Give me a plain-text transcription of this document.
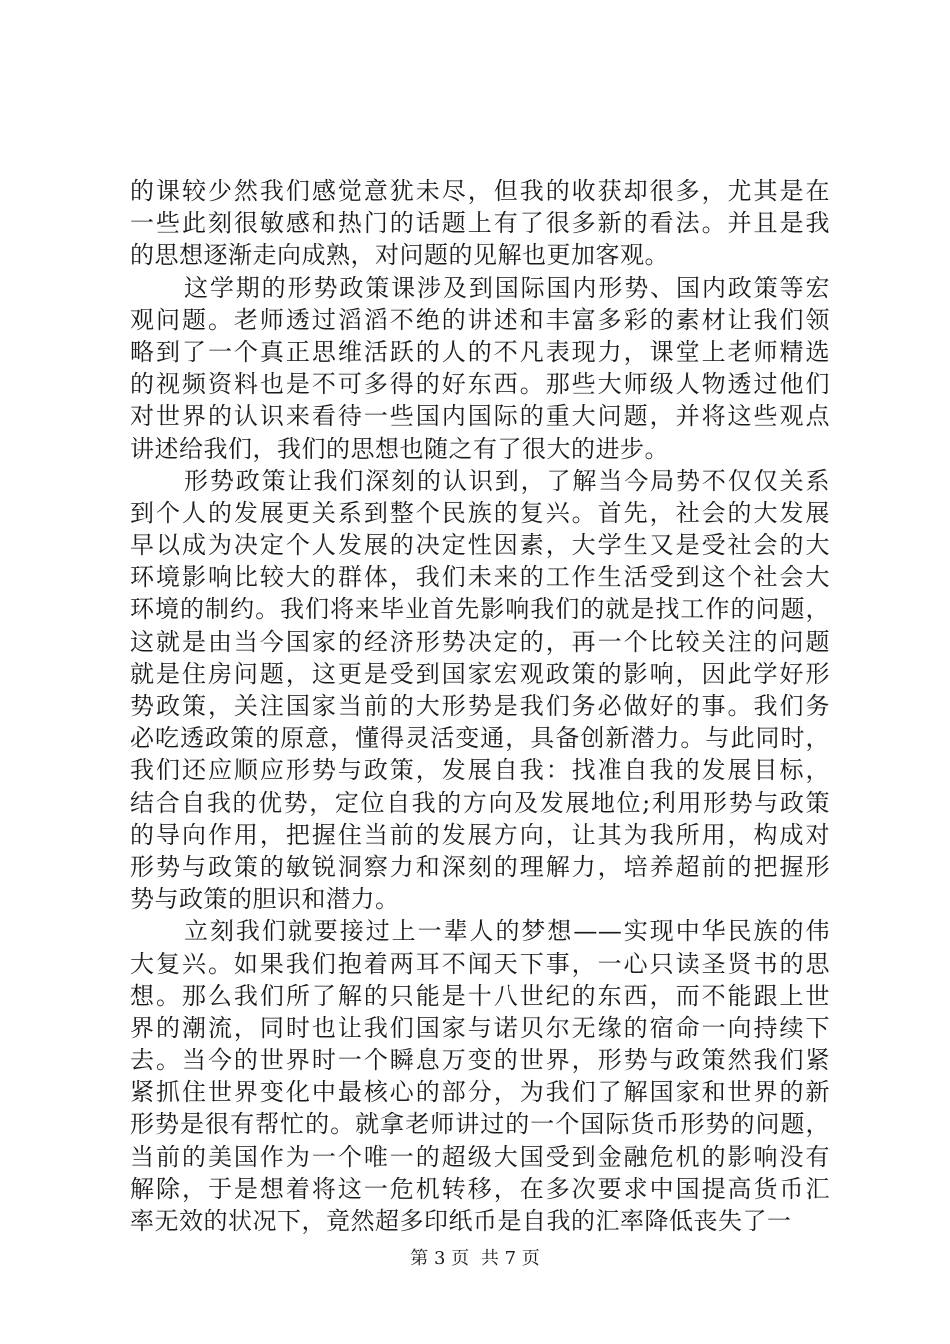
的课较少然我们感觉意犹未尽，但我的收获却很多，尤其是在
一些此刻很敏感和热门的话题上有了很多新的看法。并且是我
的思想逐渐走向成熟，对问题的见解也更加客观。
这学期的形势政策课涉及到国际国内形势、国内政策等宏
观问题。老师透过滔滔不绝的讲述和丰富多彩的素材让我们领
略到了一个真正思维活跃的人的不凡表现力，课堂上老师精选
的视频资料也是不可多得的好东西。那些大师级人物透过他们
对世界的认识来看待一些国内国际的重大问题，并将这些观点
讲述给我们，我们的思想也随之有了很大的进步。
形势政策让我们深刻的认识到，了解当今局势不仅仅关系
到个人的发展更关系到整个民族的复兴。首先，社会的大发展
早以成为决定个人发展的决定性因素，大学生又是受社会的大
环境影响比较大的群体，我们未来的工作生活受到这个社会大
环境的制约。我们将来毕业首先影响我们的就是找工作的问题，
这就是由当今国家的经济形势决定的，再一个比较关注的问题
就是住房问题，这更是受到国家宏观政策的影响，因此学好形
势政策，关注国家当前的大形势是我们务必做好的事。我们务
必吃透政策的原意，懂得灵活变通，具备创新潜力。与此同时，
我们还应顺应形势与政策，发展自我：找准自我的发展目标，
结合自我的优势，定位自我的方向及发展地位;利用形势与政策
的导向作用，把握住当前的发展方向，让其为我所用，构成对
形势与政策的敏锐洞察力和深刻的理解力，培养超前的把握形
势与政策的胆识和潜力。
立刻我们就要接过上一辈人的梦想——实现中华民族的伟
大复兴。如果我们抱着两耳不闻天下事，一心只读圣贤书的思
想。那么我们所了解的只能是十八世纪的东西，而不能跟上世
界的潮流，同时也让我们国家与诺贝尔无缘的宿命一向持续下
去。当今的世界时一个瞬息万变的世界，形势与政策然我们紧
紧抓住世界变化中最核心的部分，为我们了解国家和世界的新
形势是很有帮忙的。就拿老师讲过的一个国际货币形势的问题，
当前的美国作为一个唯一的超级大国受到金融危机的影响没有
解除，于是想着将这一危机转移，在多次要求中国提高货币汇
率无效的状况下，竟然超多印纸币是自我的汇率降低丧失了一
第 3 页 共 7 页
